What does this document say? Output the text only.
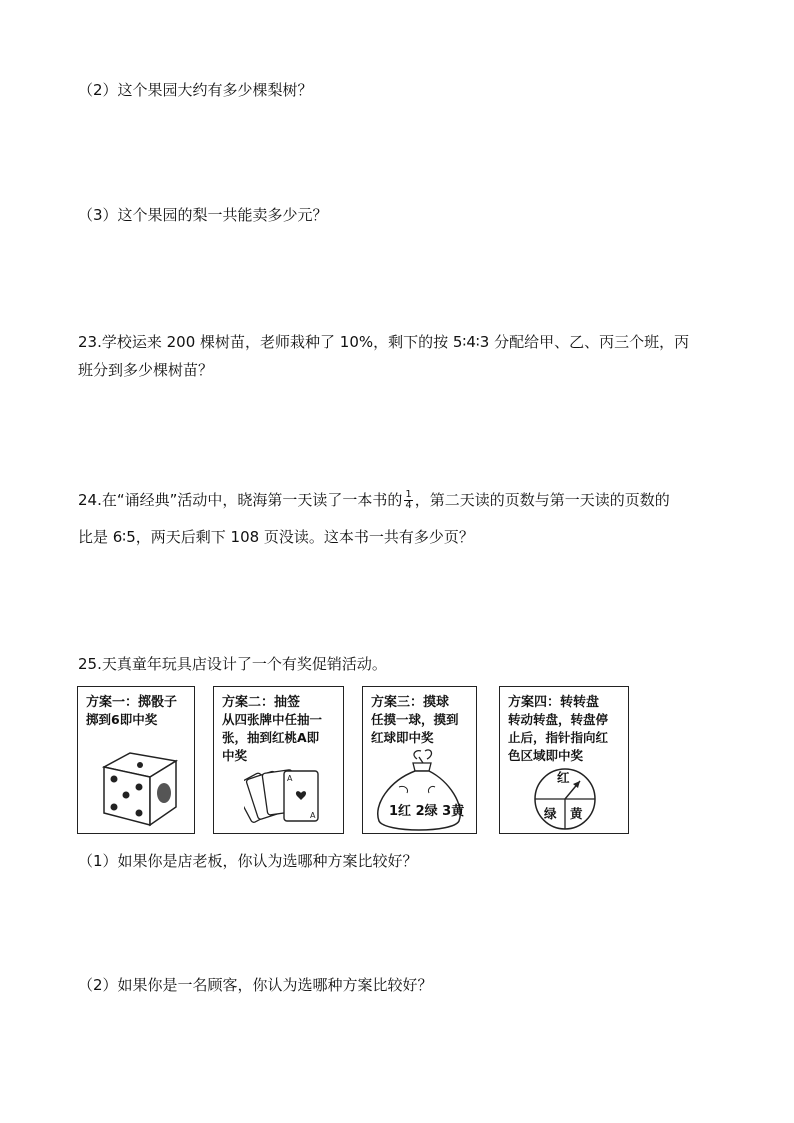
（2）这个果园大约有多少棵梨树？
（3）这个果园的梨一共能卖多少元？
23.学校运来 200 棵树苗，老师栽种了 10%，剩下的按 5∶4∶3 分配给甲、乙、丙三个班，丙
班分到多少棵树苗？
24.在“诵经典”活动中，晓海第一天读了一本书的 $\frac{1}{4}$ ，第二天读的页数与第一天读的页数的
比是 6∶5，两天后剩下 108 页没读。这本书一共有多少页？
25.天真童年玩具店设计了一个有奖促销活动。
方案一：掷骰子
掷到6即中奖
方案二：抽签
从四张牌中任抽一
张，抽到红桃A即
中奖
A
A
方案三：摸球
任摸一球，摸到
红球即中奖
1红 2绿 3黄
方案四：转转盘
转动转盘，转盘停
止后，指针指向红
色区域即中奖
红
绿 黄
（1）如果你是店老板，你认为选哪种方案比较好？
（2）如果你是一名顾客，你认为选哪种方案比较好？
